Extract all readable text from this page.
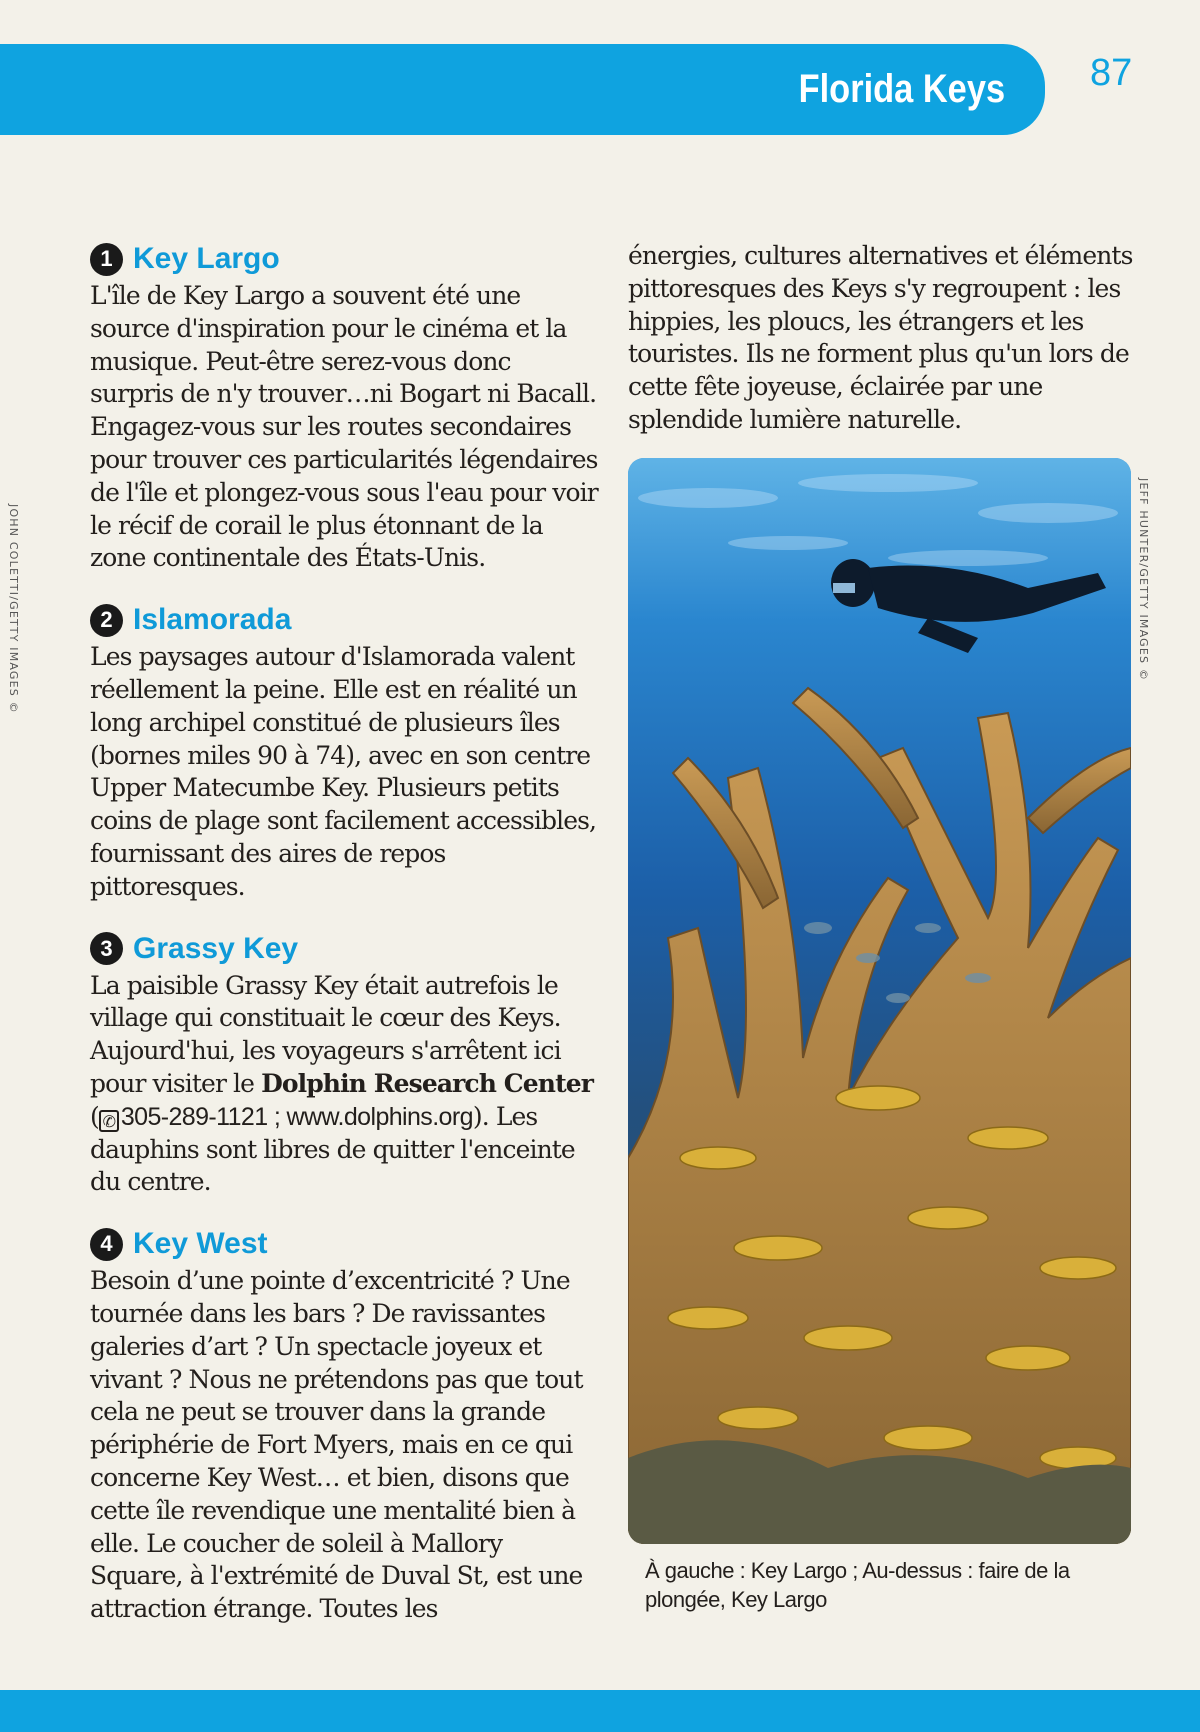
Florida Keys 87
JOHN COLETTI/GETTY IMAGES ©	JEFF HUNTER/GETTY IMAGES ©
1 Key Largo

L'île de Key Largo a souvent été une source d'inspiration pour le cinéma et la musique. Peut-être serez-vous donc surpris de n'y trouver…ni Bogart ni Bacall. Engagez-vous sur les routes secondaires pour trouver ces particularités légendaires de l'île et plongez-vous sous l'eau pour voir le récif de corail le plus étonnant de la zone continentale des États-Unis.

2 Islamorada

Les paysages autour d'Islamorada valent réellement la peine. Elle est en réalité un long archipel constitué de plusieurs îles (bornes miles 90 à 74), avec en son centre Upper Matecumbe Key. Plusieurs petits coins de plage sont facilement accessibles, fournissant des aires de repos pittoresques.

3 Grassy Key

La paisible Grassy Key était autrefois le village qui constituait le cœur des Keys. Aujourd'hui, les voyageurs s'arrêtent ici pour visiter le Dolphin Research Center ( ✆ 305-289-1121 ; www.dolphins.org). Les dauphins sont libres de quitter l'enceinte du centre.

4 Key West

Besoin d’une pointe d’excentricité ? Une tournée dans les bars ? De ravissantes galeries d’art ? Un spectacle joyeux et vivant ? Nous ne prétendons pas que tout cela ne peut se trouver dans la grande périphérie de Fort Myers, mais en ce qui concerne Key West… et bien, disons que cette île revendique une mentalité bien à elle. Le coucher de soleil à Mallory Square, à l'extrémité de Duval St, est une attraction étrange. Toutes les

énergies, cultures alternatives et éléments pittoresques des Keys s'y regroupent : les hippies, les ploucs, les étrangers et les touristes. Ils ne forment plus qu'un lors de cette fête joyeuse, éclairée par une splendide lumière naturelle.

À gauche : Key Largo ; Au-dessus : faire de la plongée, Key Largo
